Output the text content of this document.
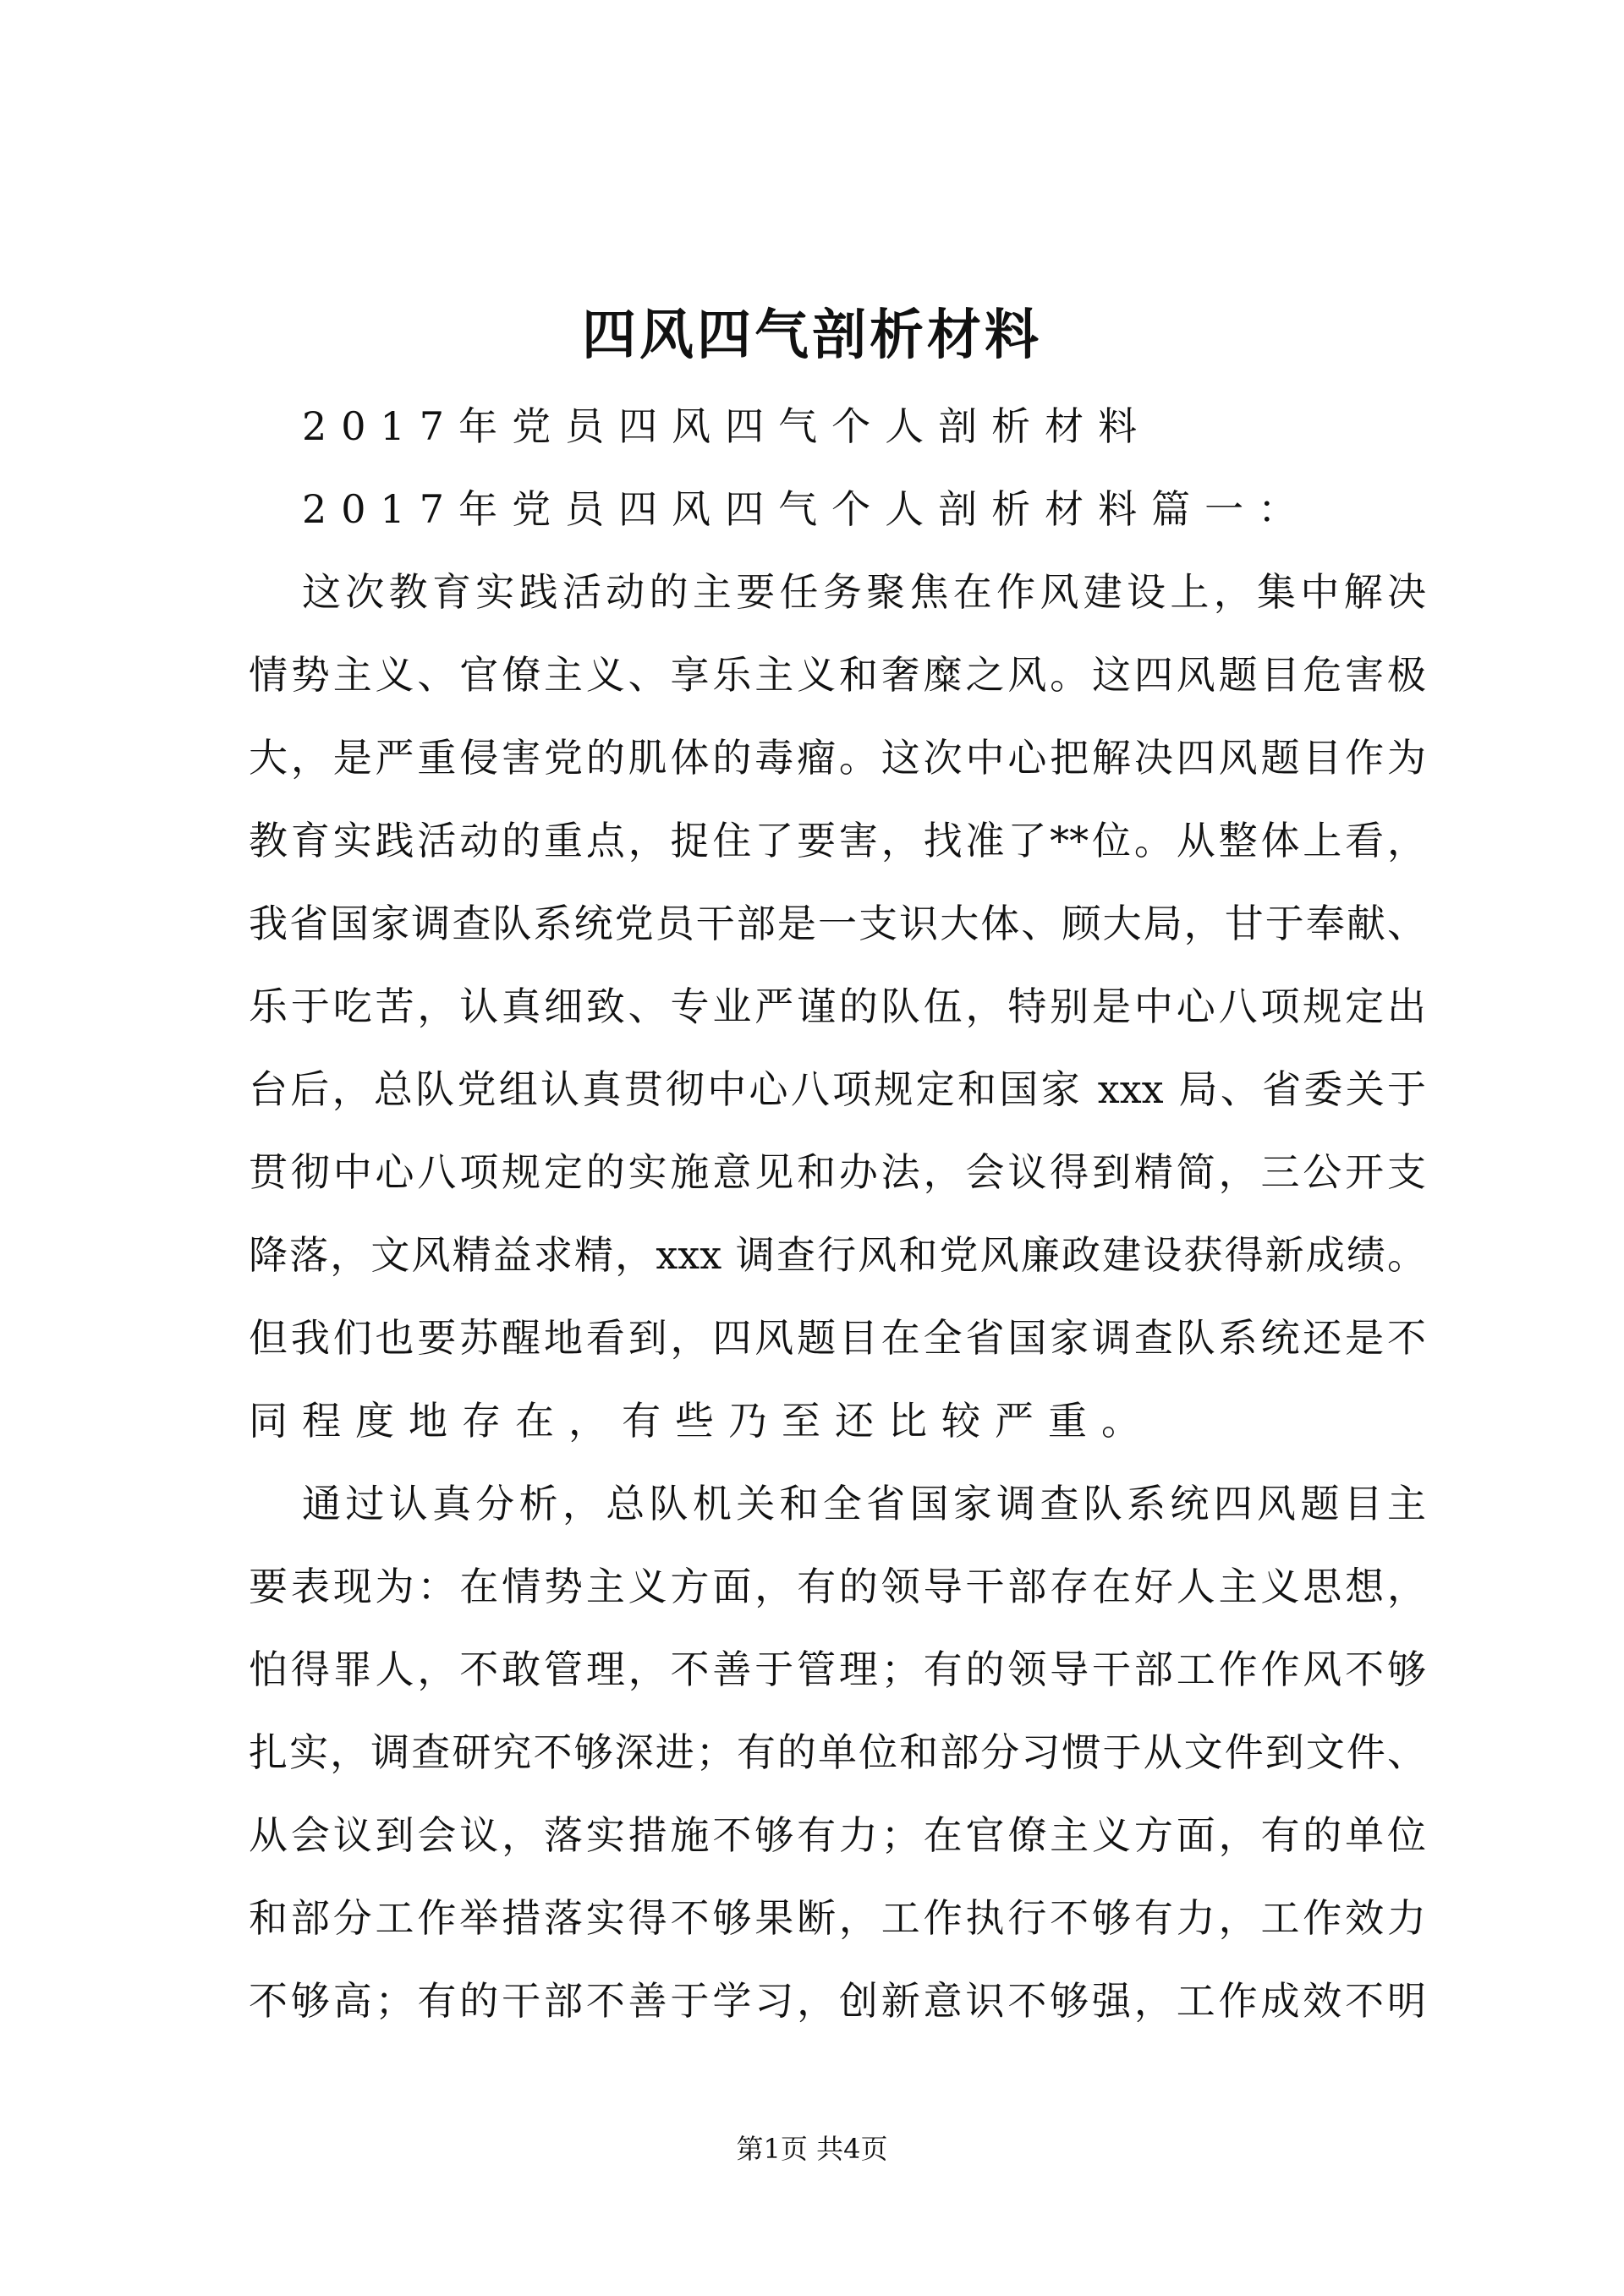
四风四气剖析材料
2017年党员四风四气个人剖析材料
2017年党员四风四气个人剖析材料篇一：
这次教育实践活动的主要任务聚焦在作风建设上，集中解决
情势主义、官僚主义、享乐主义和奢糜之风。这四风题目危害极
大，是严重侵害党的肌体的毒瘤。这次中心把解决四风题目作为
教育实践活动的重点，捉住了要害，找准了**位。从整体上看，
我省国家调查队系统党员干部是一支识大体、顾大局，甘于奉献、
乐于吃苦，认真细致、专业严谨的队伍，特别是中心八项规定出
台后，总队党组认真贯彻中心八项规定和国家 xxx 局、省委关于
贯彻中心八项规定的实施意见和办法，会议得到精简，三公开支
降落，文风精益求精，xxx 调查行风和党风廉政建设获得新成绩。
但我们也要苏醒地看到，四风题目在全省国家调查队系统还是不
同程度地存在，有些乃至还比较严重。
通过认真分析，总队机关和全省国家调查队系统四风题目主
要表现为：在情势主义方面，有的领导干部存在好人主义思想，
怕得罪人，不敢管理，不善于管理；有的领导干部工作作风不够
扎实，调查研究不够深进；有的单位和部分习惯于从文件到文件、
从会议到会议，落实措施不够有力；在官僚主义方面，有的单位
和部分工作举措落实得不够果断，工作执行不够有力，工作效力
不够高；有的干部不善于学习，创新意识不够强，工作成效不明
第1页 共4页
